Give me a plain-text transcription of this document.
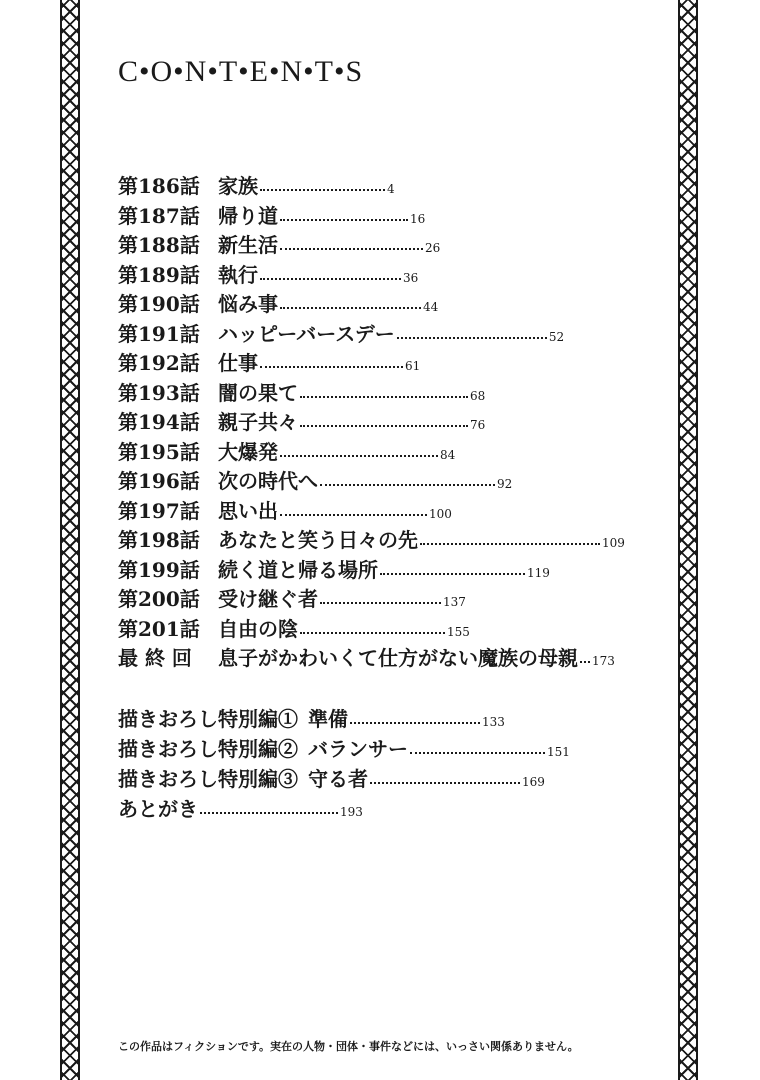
C•O•N•T•E•N•T•S
第186話 家族	4
第187話 帰り道	16
第188話 新生活	26
第189話 執行	36
第190話 悩み事	44
第191話 ハッピーバースデー	52
第192話 仕事	61
第193話 闇の果て	68
第194話 親子共々	76
第195話 大爆発	84
第196話 次の時代へ	92
第197話 思い出	100
第198話 あなたと笑う日々の先	109
第199話 続く道と帰る場所	119
第200話 受け継ぐ者	137
第201話 自由の陰	155
最 終 回	息子がかわいくて仕方がない魔族の母親 173
描きおろし特別編① 準備	133
描きおろし特別編② バランサー	151
描きおろし特別編③ 守る者	169
あとがき	193
この作品はフィクションです。実在の人物・団体・事件などには、いっさい関係ありません。
